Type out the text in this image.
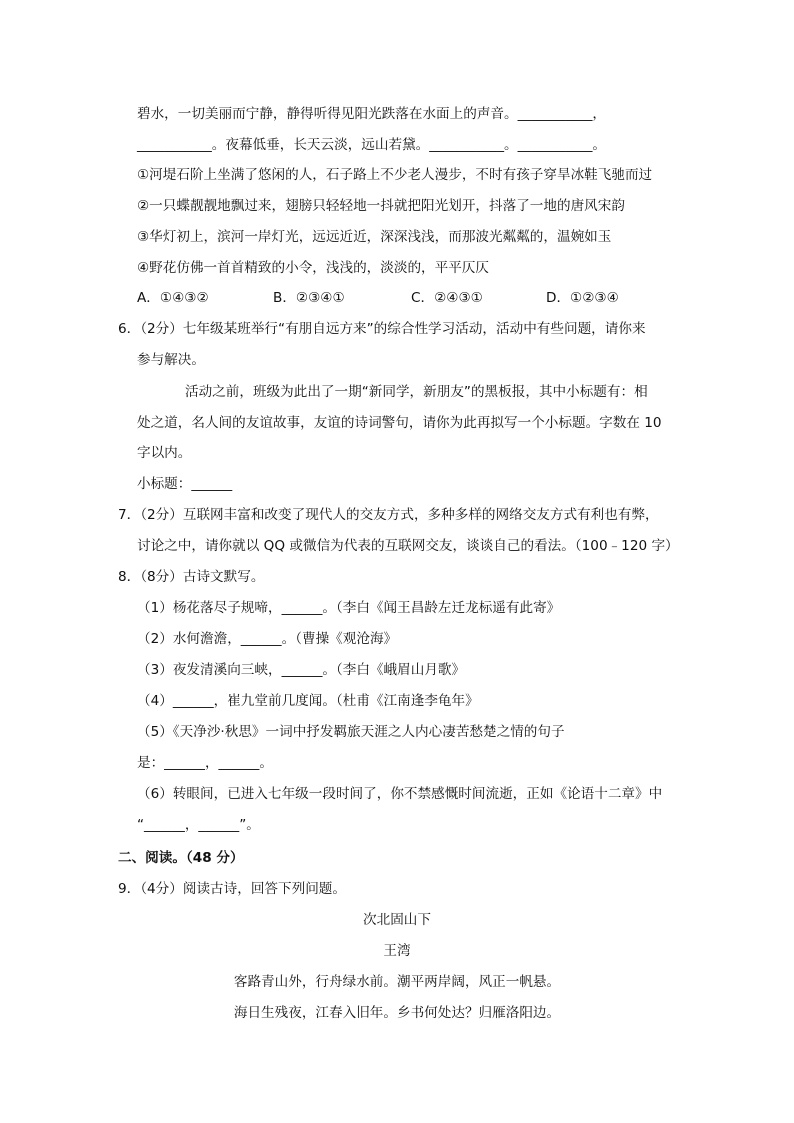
碧水，一切美丽而宁静，静得听得见阳光跌落在水面上的声音。___________，
___________。夜幕低垂，长天云淡，远山若黛。___________。___________。
①河堤石阶上坐满了悠闲的人，石子路上不少老人漫步，不时有孩子穿旱冰鞋飞驰而过
②一只蝶靓靓地飘过来，翅膀只轻轻地一抖就把阳光划开，抖落了一地的唐风宋韵
③华灯初上，滨河一岸灯光，远远近近，深深浅浅，而那波光粼粼的，温婉如玉
④野花仿佛一首首精致的小令，浅浅的，淡淡的，平平仄仄
A．①④③②	B．②③④①	C．②④③①	D．①②③④
6．（2分）七年级某班举行“有朋自远方来”的综合性学习活动，活动中有些问题，请你来
参与解决。
活动之前，班级为此出了一期“新同学，新朋友”的黑板报，其中小标题有：相
处之道，名人间的友谊故事，友谊的诗词警句，请你为此再拟写一个小标题。字数在 10
字以内。
小标题：______
7．（2分）互联网丰富和改变了现代人的交友方式，多种多样的网络交友方式有利也有弊，
讨论之中，请你就以 QQ 或微信为代表的互联网交友，谈谈自己的看法。（100﹣120 字）
8．（8分）古诗文默写。
（1）杨花落尽子规啼，______。（李白《闻王昌龄左迁龙标遥有此寄》
（2）水何澹澹，______。（曹操《观沧海》
（3）夜发清溪向三峡，______。（李白《峨眉山月歌》
（4）______，崔九堂前几度闻。（杜甫《江南逢李龟年》
（5）《天净沙·秋思》一词中抒发羁旅天涯之人内心凄苦愁楚之情的句子
是：______，______。
（6）转眼间，已进入七年级一段时间了，你不禁感慨时间流逝，正如《论语十二章》中
“______，______”。
二、阅读。（48 分）
9．（4分）阅读古诗，回答下列问题。
次北固山下
王湾
客路青山外，行舟绿水前。潮平两岸阔，风正一帆悬。
海日生残夜，江春入旧年。乡书何处达？归雁洛阳边。
